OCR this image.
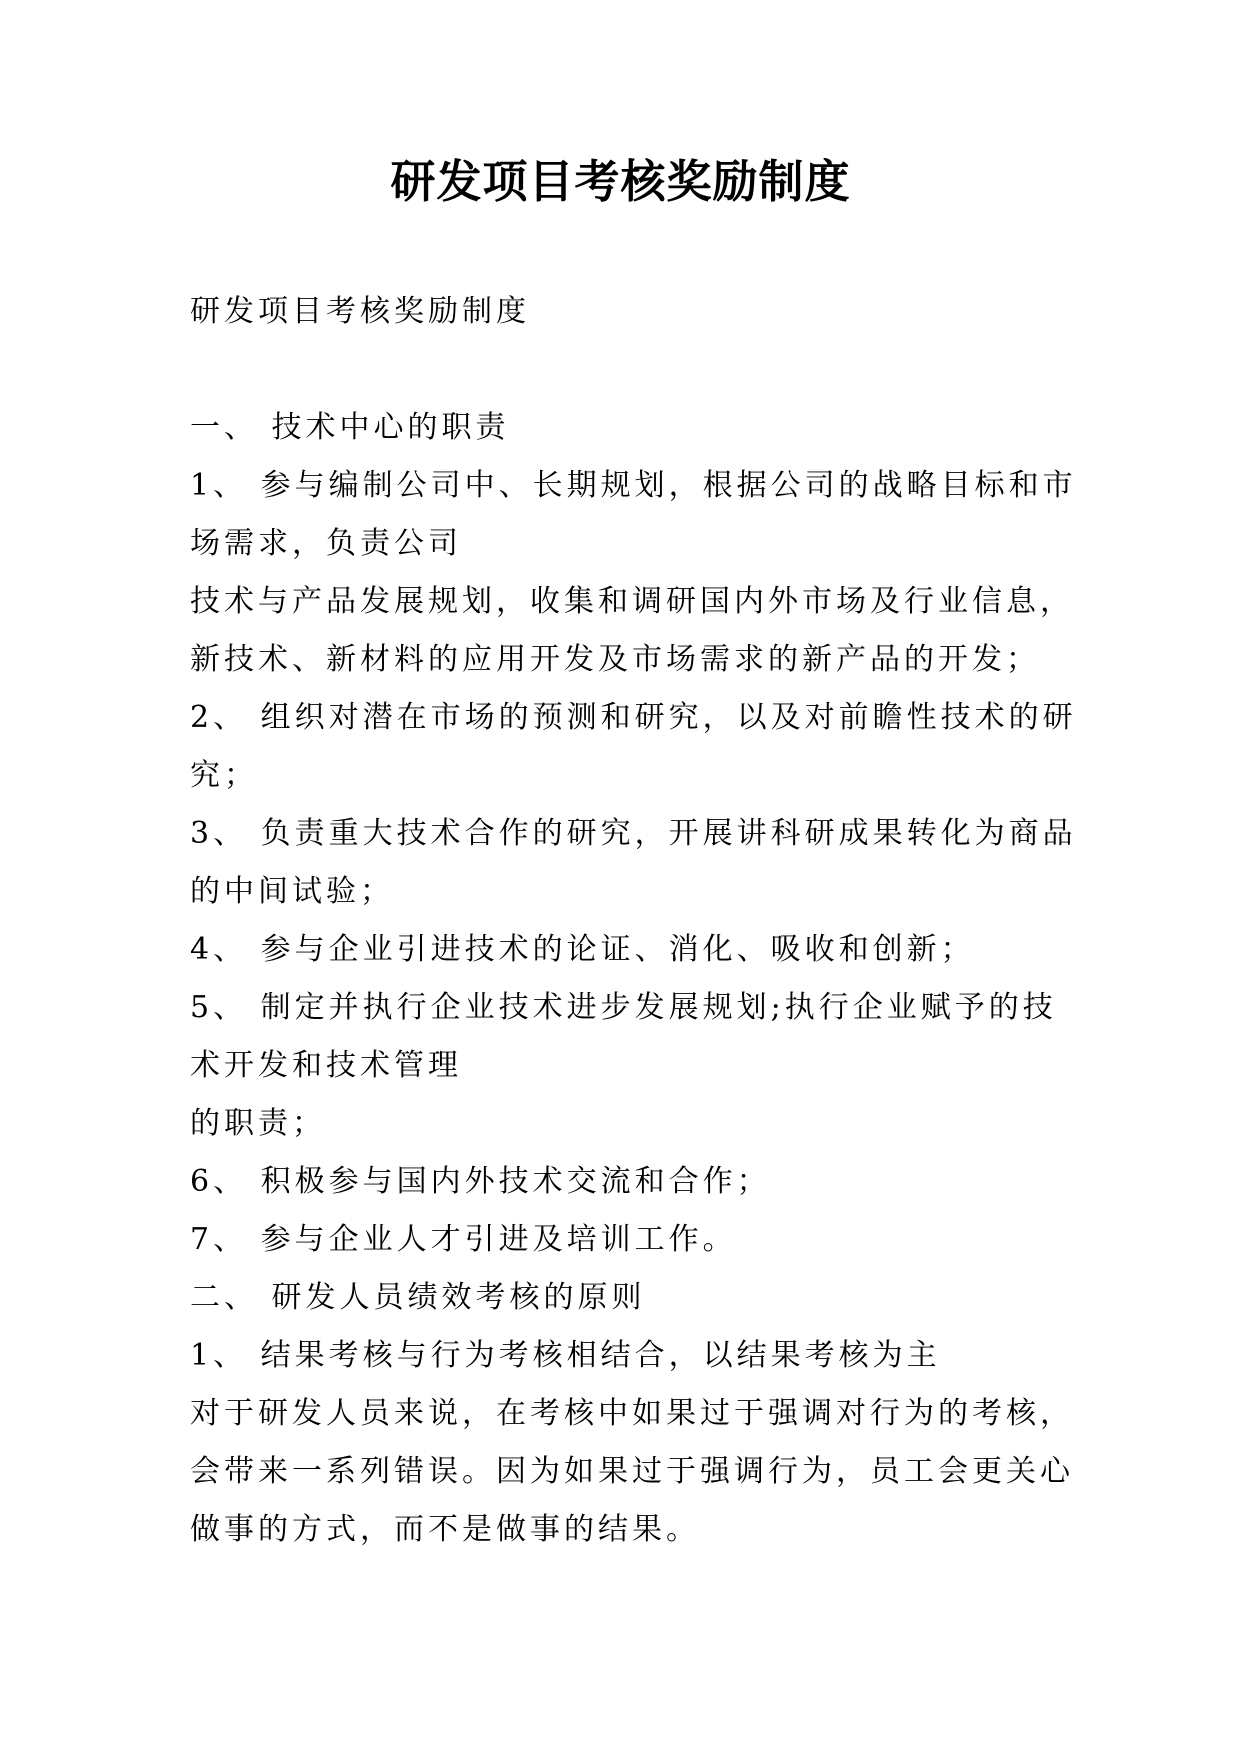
研发项目考核奖励制度
研发项目考核奖励制度
一、 技术中心的职责
1、 参与编制公司中、长期规划，根据公司的战略目标和市
场需求，负责公司
技术与产品发展规划，收集和调研国内外市场及行业信息，
新技术、新材料的应用开发及市场需求的新产品的开发；
2、 组织对潜在市场的预测和研究，以及对前瞻性技术的研
究；
3、 负责重大技术合作的研究，开展讲科研成果转化为商品
的中间试验；
4、 参与企业引进技术的论证、消化、吸收和创新；
5、 制定并执行企业技术进步发展规划;执行企业赋予的技
术开发和技术管理
的职责；
6、 积极参与国内外技术交流和合作；
7、 参与企业人才引进及培训工作。
二、 研发人员绩效考核的原则
1、 结果考核与行为考核相结合，以结果考核为主
对于研发人员来说，在考核中如果过于强调对行为的考核，
会带来一系列错误。因为如果过于强调行为，员工会更关心
做事的方式，而不是做事的结果。
